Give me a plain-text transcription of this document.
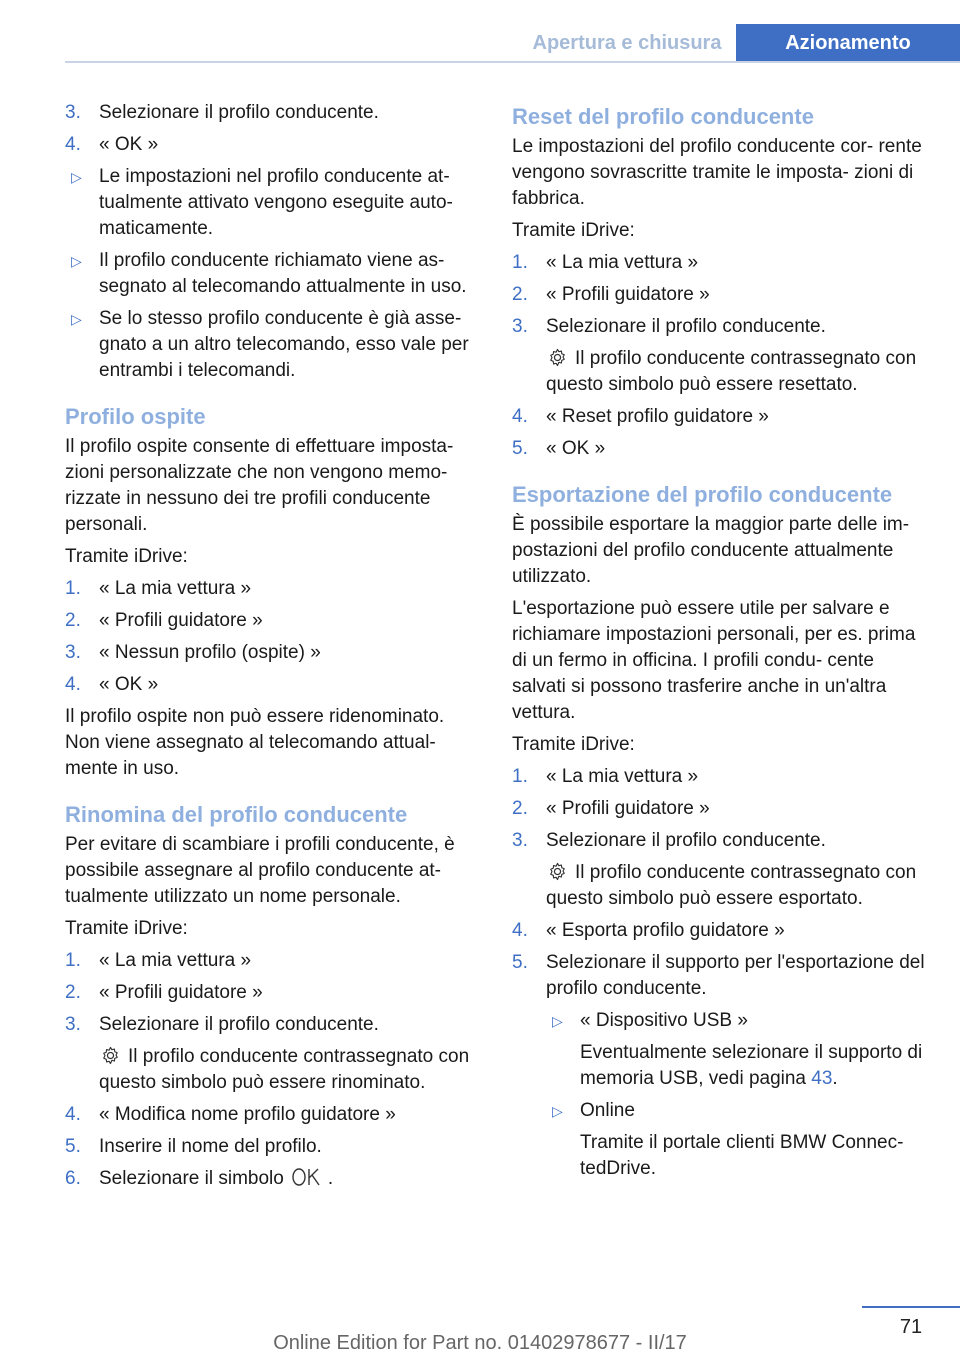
Apertura e chiusura	Azionamento
3. Selezionare il profilo conducente.
4. « OK »
▷ Le impostazioni nel profilo conducente at‐ tualmente attivato vengono eseguite auto‐ maticamente.
▷ Il profilo conducente richiamato viene as‐ segnato al telecomando attualmente in uso.
▷ Se lo stesso profilo conducente è già asse‐ gnato a un altro telecomando, esso vale per entrambi i telecomandi.
Profilo ospite

Il profilo ospite consente di effettuare imposta‐ zioni personalizzate che non vengono memo‐ rizzate in nessuno dei tre profili conducente personali.

Tramite iDrive:

1. « La mia vettura »
2. « Profili guidatore »
3. « Nessun profilo (ospite) »
4. « OK »

Il profilo ospite non può essere ridenominato. Non viene assegnato al telecomando attual‐ mente in uso.

Rinomina del profilo conducente

Per evitare di scambiare i profili conducente, è possibile assegnare al profilo conducente at‐ tualmente utilizzato un nome personale.

Tramite iDrive:

1. « La mia vettura »
2. « Profili guidatore »
3. Selezionare il profilo conducente.
Il profilo conducente contrassegnato con questo simbolo può essere rinominato.
4. « Modifica nome profilo guidatore »
5. Inserire il nome del profilo.
6. Selezionare il simbolo .
Reset del profilo conducente

Le impostazioni del profilo conducente cor‐ rente vengono sovrascritte tramite le imposta‐ zioni di fabbrica.

Tramite iDrive:

1. « La mia vettura »
2. « Profili guidatore »
3. Selezionare il profilo conducente.
Il profilo conducente contrassegnato con questo simbolo può essere resettato.
4. « Reset profilo guidatore »
5. « OK »
Esportazione del profilo conducente

È possibile esportare la maggior parte delle im‐ postazioni del profilo conducente attualmente utilizzato.

L'esportazione può essere utile per salvare e richiamare impostazioni personali, per es. prima di un fermo in officina. I profili condu‐ cente salvati si possono trasferire anche in un'altra vettura.

Tramite iDrive:

1. « La mia vettura »
2. « Profili guidatore »
3. Selezionare il profilo conducente.
Il profilo conducente contrassegnato con questo simbolo può essere esportato.
4. « Esporta profilo guidatore »
5. Selezionare il supporto per l'esportazione del profilo conducente.
▷ « Dispositivo USB »
Eventualmente selezionare il supporto di memoria USB, vedi pagina 43.
▷ Online
Tramite il portale clienti BMW Connec‐ tedDrive.
71
Online Edition for Part no. 01402978677 - II/17
